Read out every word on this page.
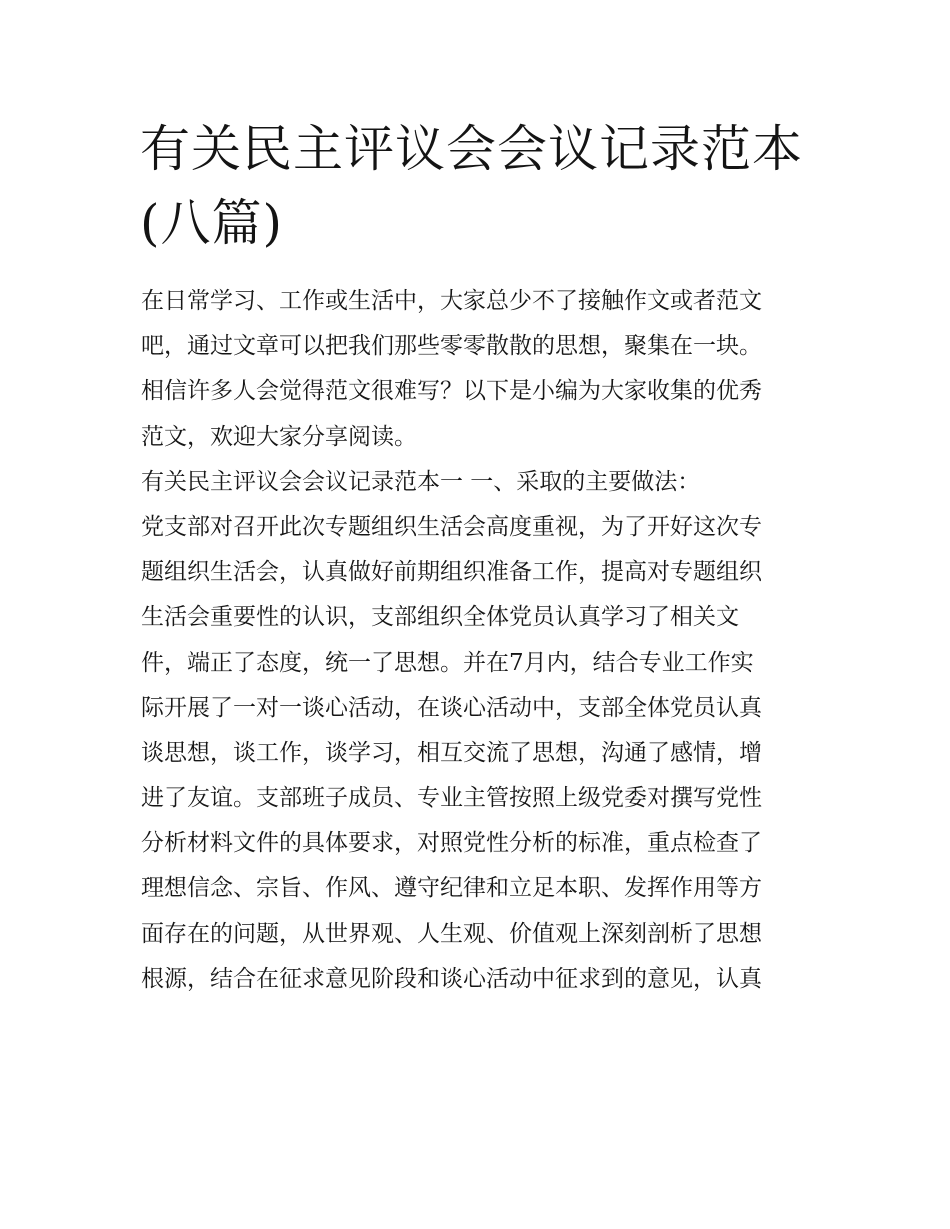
有关民主评议会会议记录范本
(八篇)
在日常学习、工作或生活中，大家总少不了接触作文或者范文
吧，通过文章可以把我们那些零零散散的思想，聚集在一块。
相信许多人会觉得范文很难写？以下是小编为大家收集的优秀
范文，欢迎大家分享阅读。
有关民主评议会会议记录范本一 一、采取的主要做法：
党支部对召开此次专题组织生活会高度重视，为了开好这次专
题组织生活会，认真做好前期组织准备工作，提高对专题组织
生活会重要性的认识，支部组织全体党员认真学习了相关文
件，端正了态度，统一了思想。并在7月内，结合专业工作实
际开展了一对一谈心活动，在谈心活动中，支部全体党员认真
谈思想，谈工作，谈学习，相互交流了思想，沟通了感情，增
进了友谊。支部班子成员、专业主管按照上级党委对撰写党性
分析材料文件的具体要求，对照党性分析的标准，重点检查了
理想信念、宗旨、作风、遵守纪律和立足本职、发挥作用等方
面存在的问题，从世界观、人生观、价值观上深刻剖析了思想
根源，结合在征求意见阶段和谈心活动中征求到的意见，认真
